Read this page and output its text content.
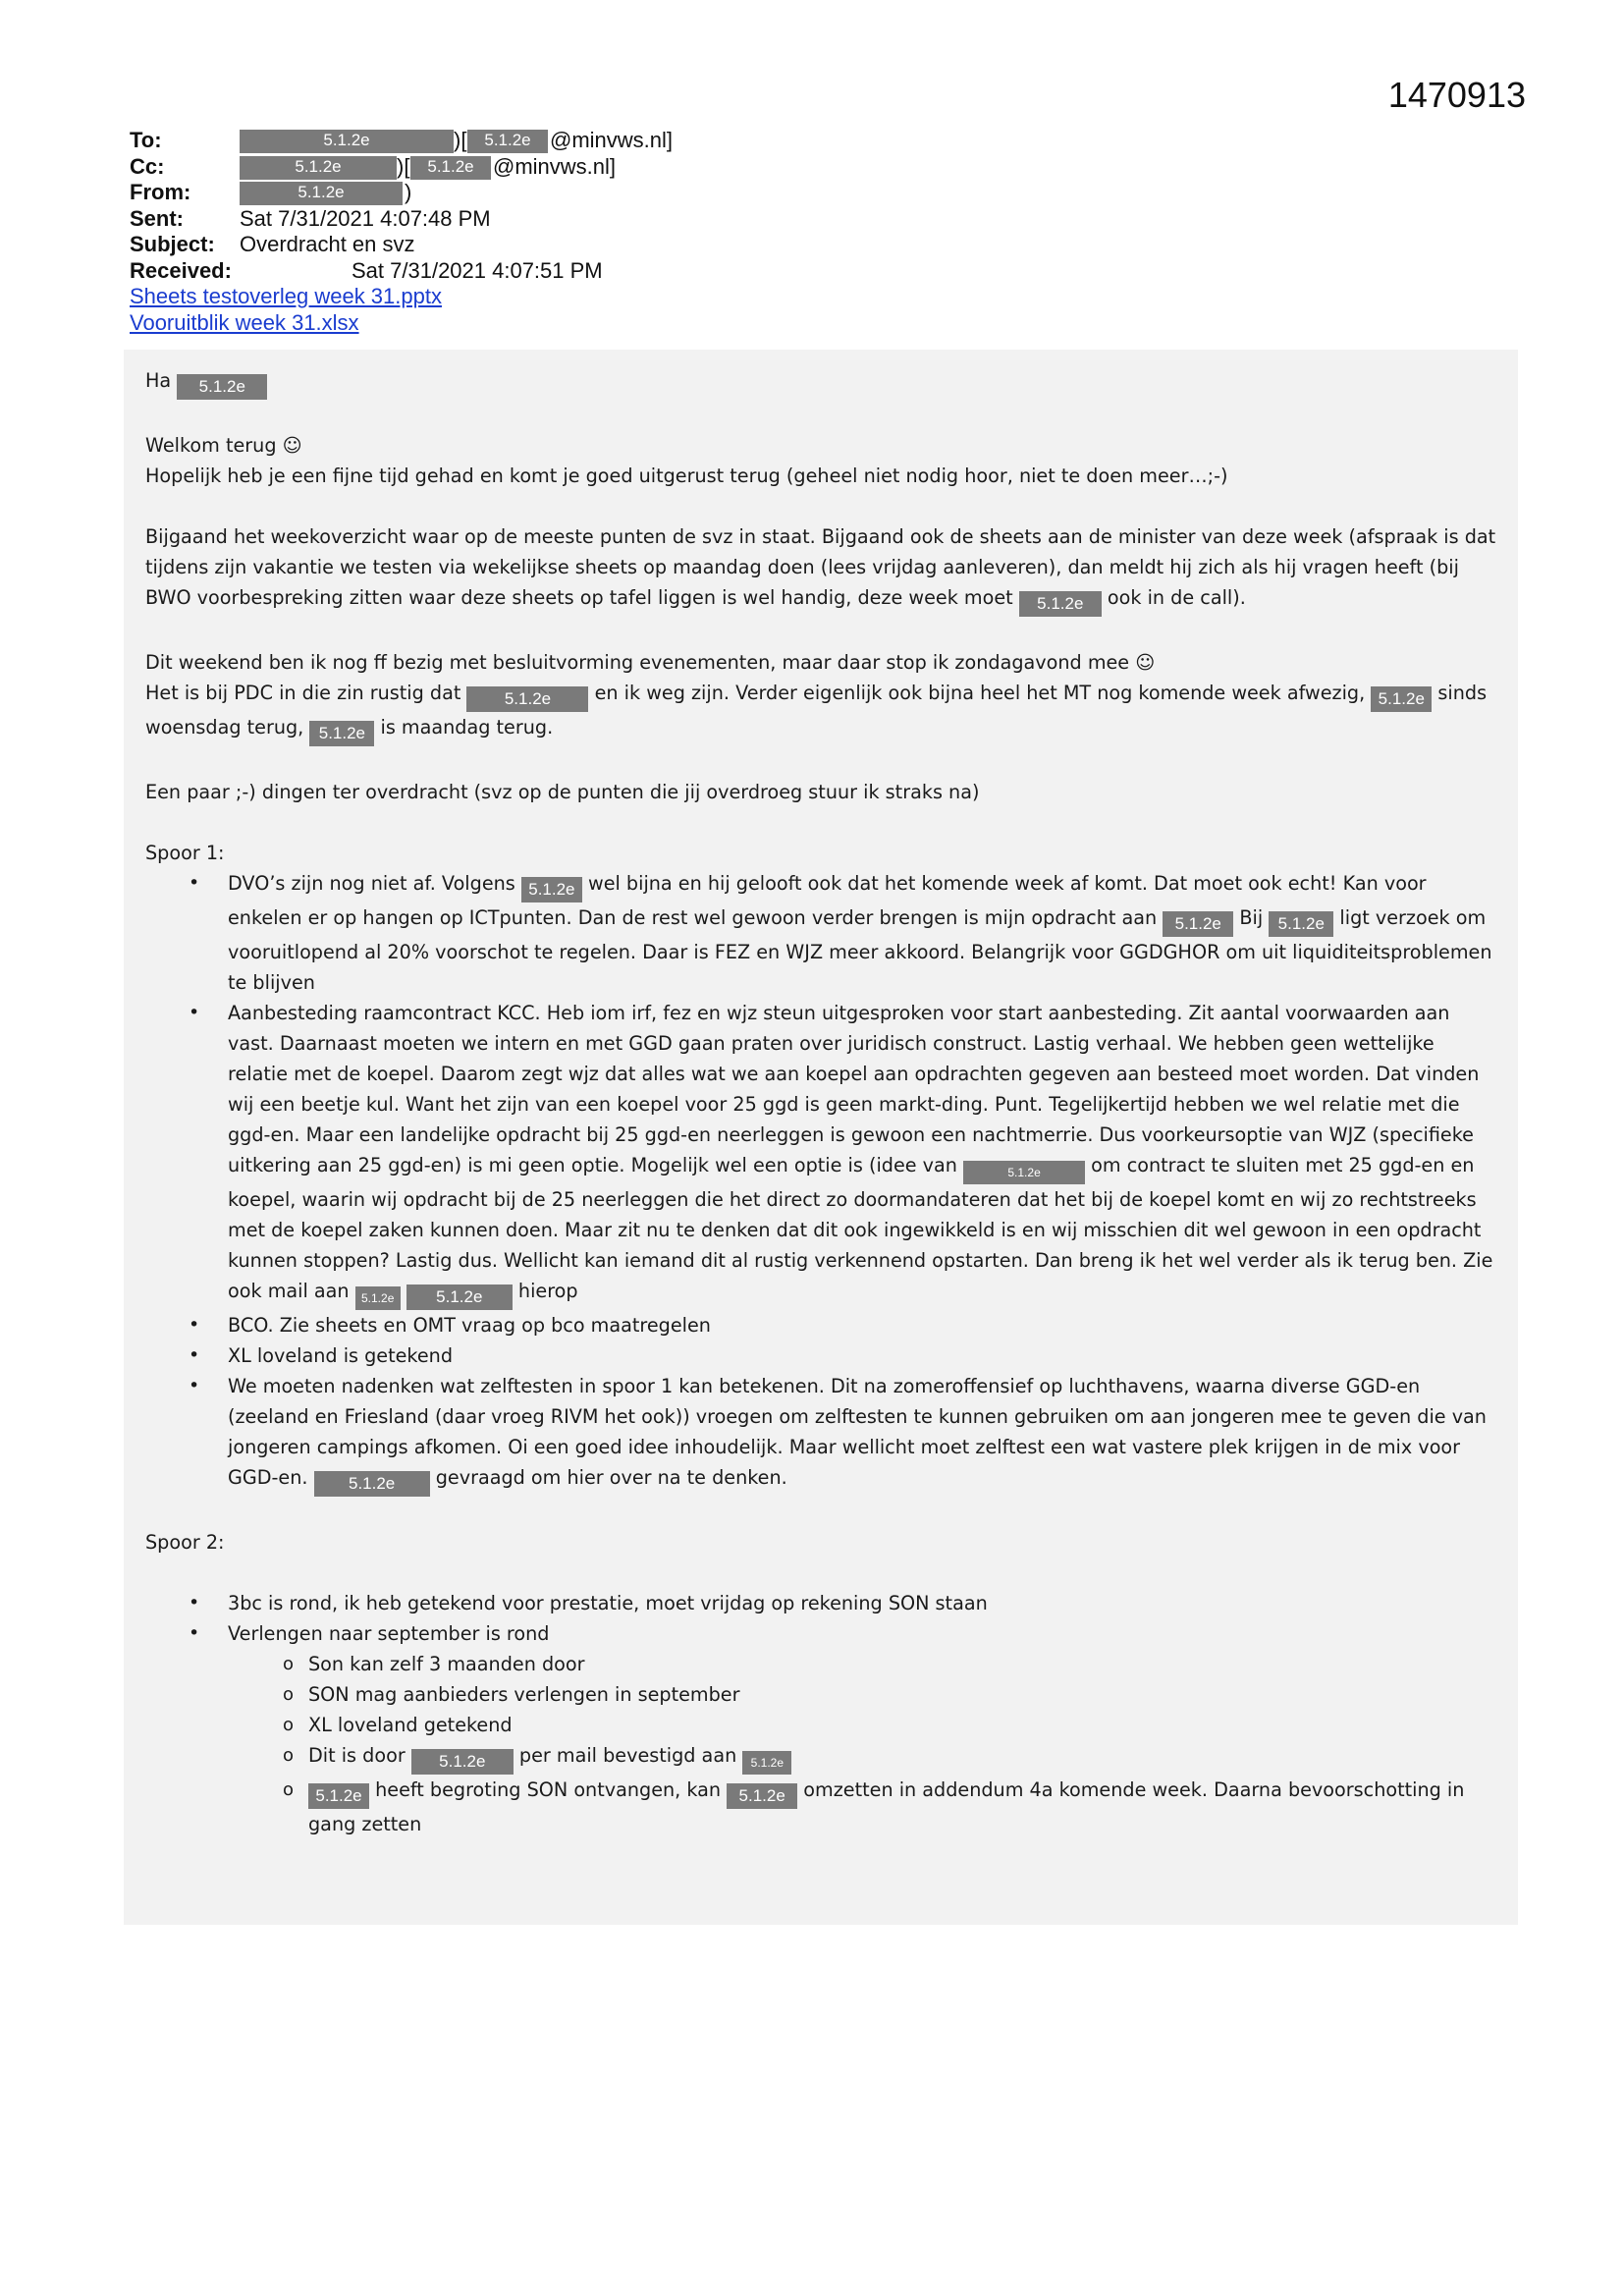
1470913
To:	5.1.2e	)[	5.1.2e @minvws.nl]
Cc:	5.1.2e	)[	5.1.2e @minvws.nl]
From:	5.1.2e	)
Sent:	Sat 7/31/2021 4:07:48 PM
Subject: Overdracht en svz
Received:	Sat 7/31/2021 4:07:51 PM
Sheets testoverleg week 31.pptx
Vooruitblik week 31.xlsx

Ha 5.1.2e

Welkom terug ☺

Hopelijk heb je een fijne tijd gehad en komt je goed uitgerust terug (geheel niet nodig hoor, niet te doen meer…;-)

Bijgaand het weekoverzicht waar op de meeste punten de svz in staat. Bijgaand ook de sheets aan de minister van deze week (afspraak is dat tijdens zijn vakantie we testen via wekelijkse sheets op maandag doen (lees vrijdag aanleveren), dan meldt hij zich als hij vragen heeft (bij BWO voorbespreking zitten waar deze sheets op tafel liggen is wel handig, deze week moet 5.1.2e ook in de call).

Dit weekend ben ik nog ff bezig met besluitvorming evenementen, maar daar stop ik zondagavond mee ☺

Het is bij PDC in die zin rustig dat	5.1.2e en ik weg zijn. Verder eigenlijk ook bijna heel het MT nog komende week afwezig, 5.1.2e sinds woensdag terug, 5.1.2e is maandag terug.

Een paar ;-) dingen ter overdracht (svz op de punten die jij overdroeg stuur ik straks na)

Spoor 1:

• DVO’s zijn nog niet af. Volgens 5.1.2e wel bijna en hij gelooft ook dat het komende week af komt. Dat moet ook echt! Kan voor enkelen er op hangen op ICTpunten. Dan de rest wel gewoon verder brengen is mijn opdracht aan 5.1.2e Bij 5.1.2e ligt verzoek om vooruitlopend al 20% voorschot te regelen. Daar is FEZ en WJZ meer akkoord. Belangrijk voor GGDGHOR om uit liquiditeitsproblemen te blijven
• Aanbesteding raamcontract KCC. Heb iom irf, fez en wjz steun uitgesproken voor start aanbesteding. Zit aantal voorwaarden aan vast. Daarnaast moeten we intern en met GGD gaan praten over juridisch construct. Lastig verhaal. We hebben geen wettelijke relatie met de koepel. Daarom zegt wjz dat alles wat we aan koepel aan opdrachten gegeven aan besteed moet worden. Dat vinden wij een beetje kul. Want het zijn van een koepel voor 25 ggd is geen markt-ding. Punt. Tegelijkertijd hebben we wel relatie met die ggd-en. Maar een landelijke opdracht bij 25 ggd-en neerleggen is gewoon een nachtmerrie. Dus voorkeursoptie van WJZ (specifieke uitkering aan 25 ggd-en) is mi geen optie. Mogelijk wel een optie is (idee van	5.1.2e	om contract te sluiten met 25 ggd-en en koepel, waarin wij opdracht bij de 25 neerleggen die het direct zo doormandateren dat het bij de koepel komt en wij zo rechtstreeks met de koepel zaken kunnen doen. Maar zit nu te denken dat dit ook ingewikkeld is en wij misschien dit wel gewoon in een opdracht kunnen stoppen? Lastig dus. Wellicht kan iemand dit al rustig verkennend opstarten. Dan breng ik het wel verder als ik terug ben. Zie ook mail aan 5.1.2e	5.1.2e hierop
• BCO. Zie sheets en OMT vraag op bco maatregelen
• XL loveland is getekend
• We moeten nadenken wat zelftesten in spoor 1 kan betekenen. Dit na zomeroffensief op luchthavens, waarna diverse GGD-en (zeeland en Friesland (daar vroeg RIVM het ook)) vroegen om zelftesten te kunnen gebruiken om aan jongeren mee te geven die van jongeren campings afkomen. Oi een goed idee inhoudelijk. Maar wellicht moet zelftest een wat vastere plek krijgen in de mix voor GGD-en. 5.1.2e gevraagd om hier over na te denken.

Spoor 2:

• 3bc is rond, ik heb getekend voor prestatie, moet vrijdag op rekening SON staan
• Verlengen naar september is rond
o Son kan zelf 3 maanden door
o SON mag aanbieders verlengen in september
o XL loveland getekend
o Dit is door 5.1.2e per mail bevestigd aan 5.1.2e
o 5.1.2e heeft begroting SON ontvangen, kan 5.1.2e omzetten in addendum 4a komende week. Daarna bevoorschotting in gang zetten
